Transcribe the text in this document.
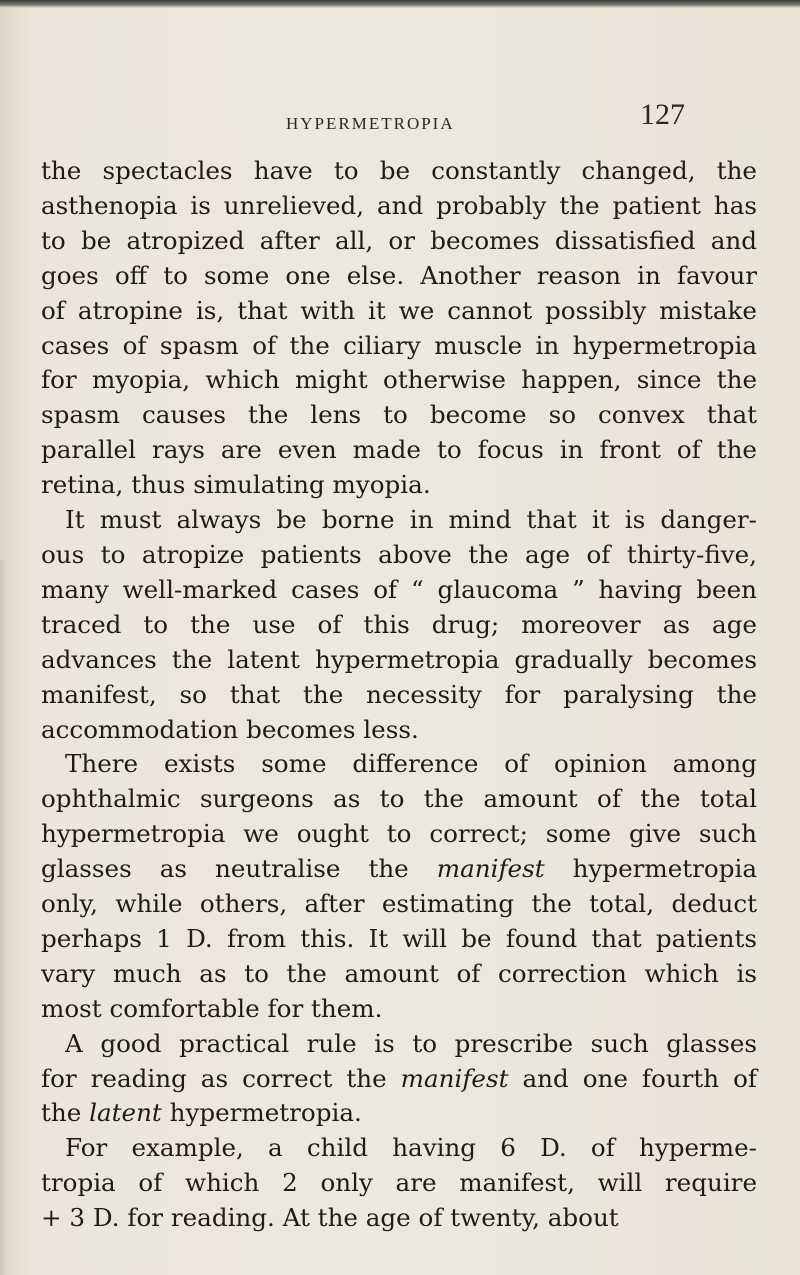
HYPERMETROPIA	127
the spectacles have to be constantly changed, the
asthenopia is unrelieved, and probably the patient has
to be atropized after all, or becomes dissatisfied and
goes off to some one else. Another reason in favour
of atropine is, that with it we cannot possibly mistake
cases of spasm of the ciliary muscle in hypermetropia
for myopia, which might otherwise happen, since the
spasm causes the lens to become so convex that
parallel rays are even made to focus in front of the
retina, thus simulating myopia.
It must always be borne in mind that it is danger-
ous to atropize patients above the age of thirty-five,
many well-marked cases of “ glaucoma ” having been
traced to the use of this drug; moreover as age
advances the latent hypermetropia gradually becomes
manifest, so that the necessity for paralysing the
accommodation becomes less.
There exists some difference of opinion among
ophthalmic surgeons as to the amount of the total
hypermetropia we ought to correct; some give such
glasses as neutralise the manifest hypermetropia
only, while others, after estimating the total, deduct
perhaps 1 D. from this. It will be found that patients
vary much as to the amount of correction which is
most comfortable for them.
A good practical rule is to prescribe such glasses
for reading as correct the manifest and one fourth of
the latent hypermetropia.
For example, a child having 6 D. of hyperme-
tropia of which 2 only are manifest, will require
+ 3 D. for reading. At the age of twenty, about
